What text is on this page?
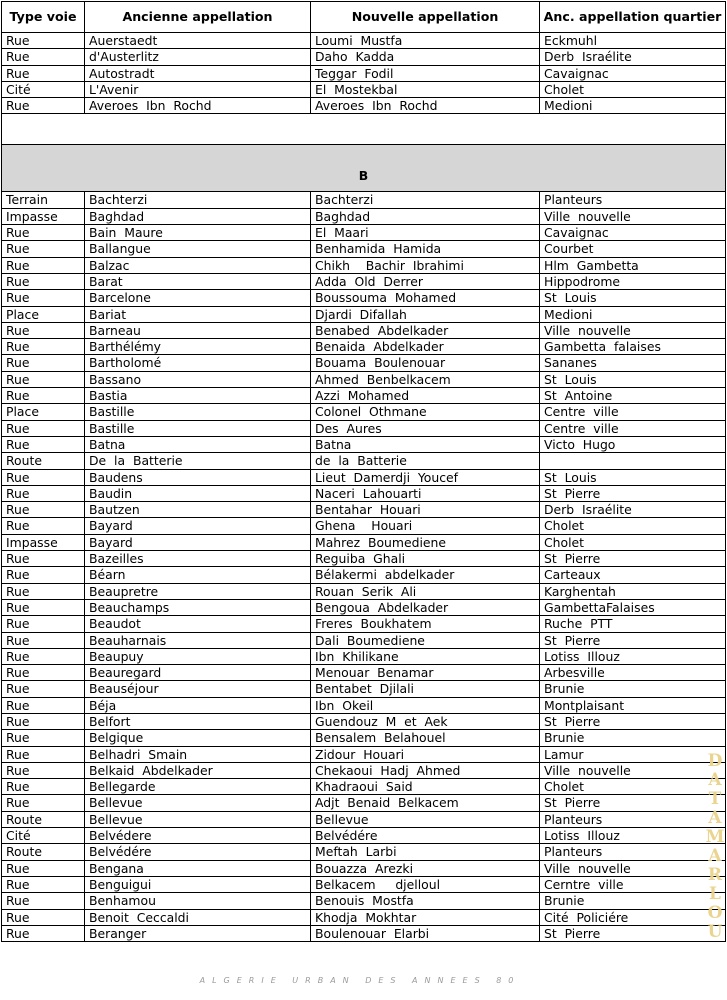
Type voie	Ancienne appellation	Nouvelle appellation	Anc. appellation quartier
Rue	Auerstaedt	Loumi  Mustfa	Eckmuhl
Rue	d'Austerlitz	Daho  Kadda	Derb  Israélite
Rue	Autostradt	Teggar  Fodil	Cavaignac
Cité	L'Avenir	El  Mostekbal	Cholet
Rue	Averoes  Ibn  Rochd	Averoes  Ibn  Rochd	Medioni

B			
Terrain	Bachterzi	Bachterzi	Planteurs
Impasse	Baghdad	Baghdad	Ville  nouvelle
Rue	Bain  Maure	El  Maari	Cavaignac
Rue	Ballangue	Benhamida  Hamida	Courbet
Rue	Balzac	Chikh    Bachir  Ibrahimi	Hlm  Gambetta
Rue	Barat	Adda  Old  Derrer	Hippodrome
Rue	Barcelone	Boussouma  Mohamed	St  Louis
Place	Bariat	Djardi  Difallah	Medioni
Rue	Barneau	Benabed  Abdelkader	Ville  nouvelle
Rue	Barthélémy	Benaida  Abdelkader	Gambetta  falaises
Rue	Bartholomé	Bouama  Boulenouar	Sananes
Rue	Bassano	Ahmed  Benbelkacem	St  Louis
Rue	Bastia	Azzi  Mohamed	St  Antoine
Place	Bastille	Colonel  Othmane	Centre  ville
Rue	Bastille	Des  Aures	Centre  ville
Rue	Batna	Batna	Victo  Hugo
Route	De  la  Batterie	de  la  Batterie	
Rue	Baudens	Lieut  Damerdji  Youcef	St  Louis
Rue	Baudin	Naceri  Lahouarti	St  Pierre
Rue	Bautzen	Bentahar  Houari	Derb  Israélite
Rue	Bayard	Ghena    Houari	Cholet
Impasse	Bayard	Mahrez  Boumediene	Cholet
Rue	Bazeilles	Reguiba  Ghali	St  Pierre
Rue	Béarn	Bélakermi  abdelkader	Carteaux
Rue	Beaupretre	Rouan  Serik  Ali	Karghentah
Rue	Beauchamps	Bengoua  Abdelkader	GambettaFalaises
Rue	Beaudot	Freres  Boukhatem	Ruche  PTT
Rue	Beauharnais	Dali  Boumediene	St  Pierre
Rue	Beaupuy	Ibn  Khilikane	Lotiss  Illouz
Rue	Beauregard	Menouar  Benamar	Arbesville
Rue	Beauséjour	Bentabet  Djilali	Brunie
Rue	Béja	Ibn  Okeil	Montplaisant
Rue	Belfort	Guendouz  M  et  Aek	St  Pierre
Rue	Belgique	Bensalem  Belahouel	Brunie
Rue	Belhadri  Smain	Zidour  Houari	Lamur
Rue	Belkaid  Abdelkader	Chekaoui  Hadj  Ahmed	Ville  nouvelle
Rue	Bellegarde	Khadraoui  Said	Cholet
Rue	Bellevue	Adjt  Benaid  Belkacem	St  Pierre
Route	Bellevue	Bellevue	Planteurs
Cité	Belvédere	Belvédére	Lotiss  Illouz
Route	Belvédére	Meftah  Larbi	Planteurs
Rue	Bengana	Bouazza  Arezki	Ville  nouvelle
Rue	Benguigui	Belkacem     djelloul	Cerntre  ville
Rue	Benhamou	Benouis  Mostfa	Brunie
Rue	Benoit  Ceccaldi	Khodja  Mokhtar	Cité  Policiére
Rue	Beranger	Boulenouar  Elarbi	St  Pierre
DATAMARLOU
ALGERIE URBAN DES ANNEES 80
